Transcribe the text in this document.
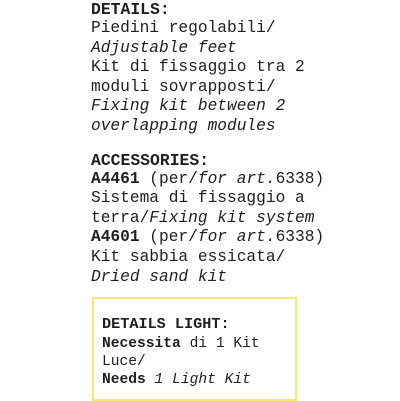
DETAILS:
Piedini regolabili/
Adjustable feet
Kit di fissaggio tra 2
moduli sovrapposti/
Fixing kit between 2
overlapping modules
ACCESSORIES:
A4461 (per/for art.6338)
Sistema di fissaggio a
terra/Fixing kit system
A4601 (per/for art.6338)
Kit sabbia essicata/
Dried sand kit
DETAILS LIGHT:
Necessita di 1 Kit
Luce/
Needs 1 Light Kit
